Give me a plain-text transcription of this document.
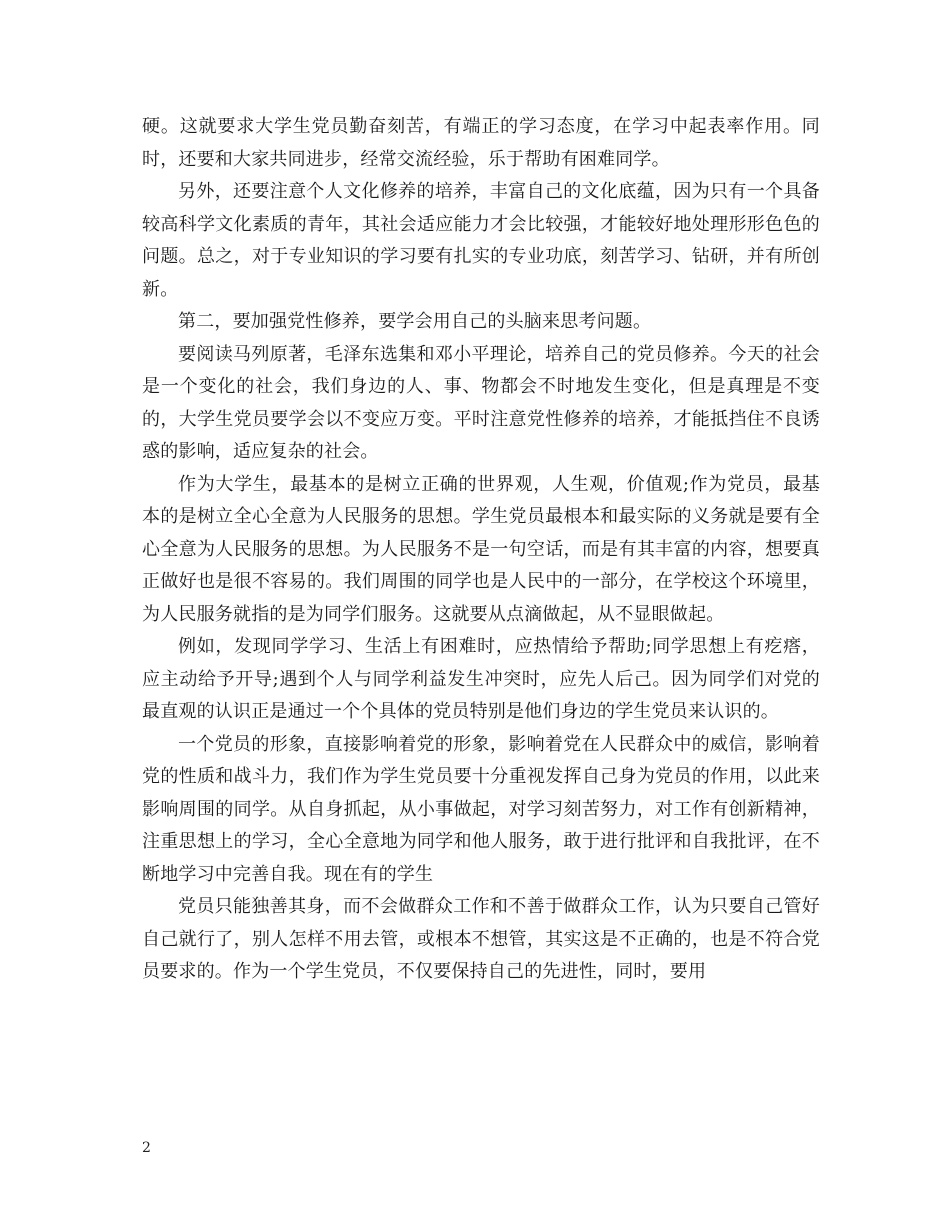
硬。这就要求大学生党员勤奋刻苦，有端正的学习态度，在学习中起表率作用。同时，还要和大家共同进步，经常交流经验，乐于帮助有困难同学。

另外，还要注意个人文化修养的培养，丰富自己的文化底蕴，因为只有一个具备较高科学文化素质的青年，其社会适应能力才会比较强，才能较好地处理形形色色的问题。总之，对于专业知识的学习要有扎实的专业功底，刻苦学习、钻研，并有所创新。

第二，要加强党性修养，要学会用自己的头脑来思考问题。

要阅读马列原著，毛泽东选集和邓小平理论，培养自己的党员修养。今天的社会是一个变化的社会，我们身边的人、事、物都会不时地发生变化，但是真理是不变的，大学生党员要学会以不变应万变。平时注意党性修养的培养，才能抵挡住不良诱惑的影响，适应复杂的社会。

作为大学生，最基本的是树立正确的世界观，人生观，价值观;作为党员，最基本的是树立全心全意为人民服务的思想。学生党员最根本和最实际的义务就是要有全心全意为人民服务的思想。为人民服务不是一句空话，而是有其丰富的内容，想要真正做好也是很不容易的。我们周围的同学也是人民中的一部分，在学校这个环境里，为人民服务就指的是为同学们服务。这就要从点滴做起，从不显眼做起。

例如，发现同学学习、生活上有困难时，应热情给予帮助;同学思想上有疙瘩，应主动给予开导;遇到个人与同学利益发生冲突时，应先人后己。因为同学们对党的最直观的认识正是通过一个个具体的党员特别是他们身边的学生党员来认识的。

一个党员的形象，直接影响着党的形象，影响着党在人民群众中的威信，影响着党的性质和战斗力，我们作为学生党员要十分重视发挥自己身为党员的作用，以此来影响周围的同学。从自身抓起，从小事做起，对学习刻苦努力，对工作有创新精神，注重思想上的学习，全心全意地为同学和他人服务，敢于进行批评和自我批评，在不断地学习中完善自我。现在有的学生

党员只能独善其身，而不会做群众工作和不善于做群众工作，认为只要自己管好自己就行了，别人怎样不用去管，或根本不想管，其实这是不正确的，也是不符合党员要求的。作为一个学生党员，不仅要保持自己的先进性，同时，要用

2
